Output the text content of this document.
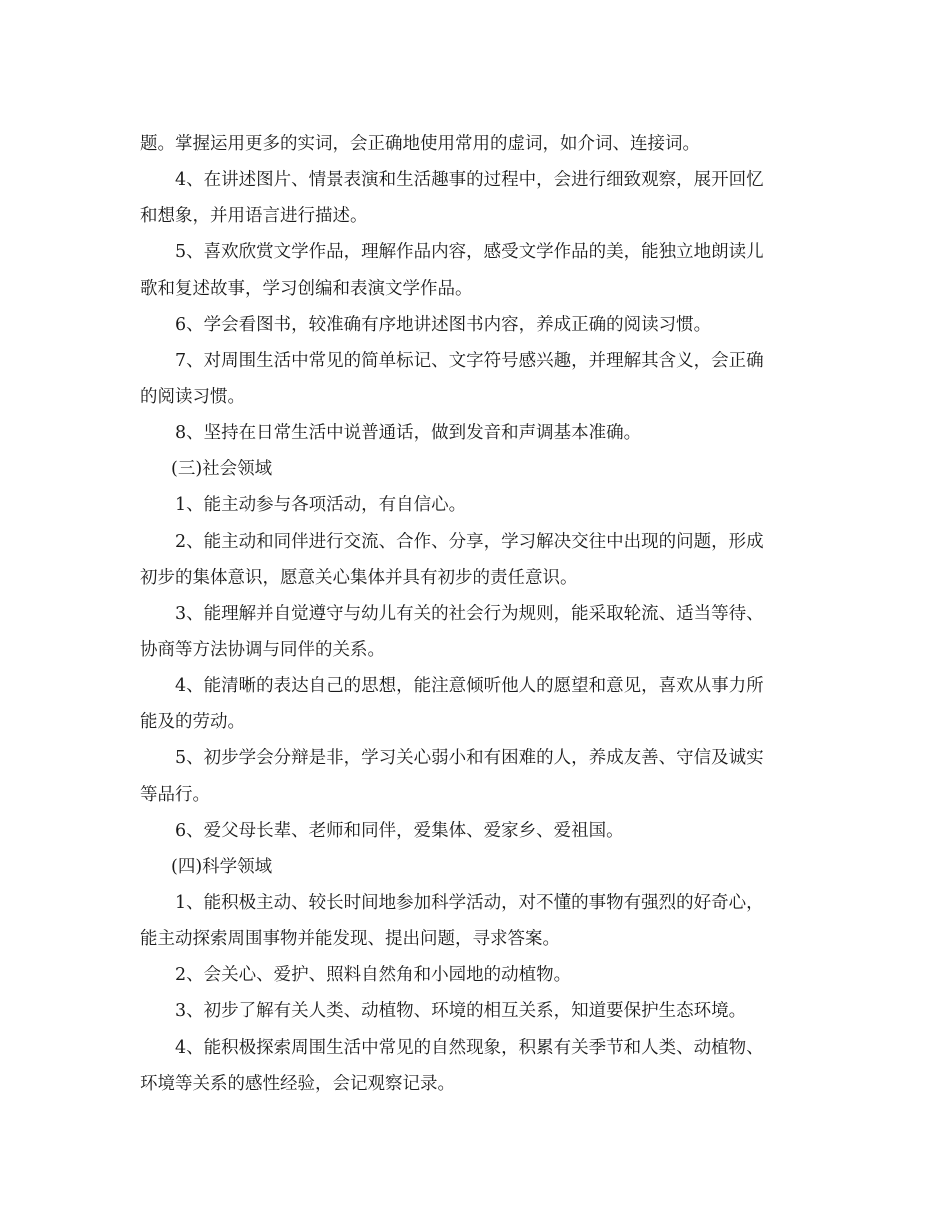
题。掌握运用更多的实词，会正确地使用常用的虚词，如介词、连接词。
4、在讲述图片、情景表演和生活趣事的过程中，会进行细致观察，展开回忆
和想象，并用语言进行描述。
5、喜欢欣赏文学作品，理解作品内容，感受文学作品的美，能独立地朗读儿
歌和复述故事，学习创编和表演文学作品。
6、学会看图书，较准确有序地讲述图书内容，养成正确的阅读习惯。
7、对周围生活中常见的简单标记、文字符号感兴趣，并理解其含义，会正确
的阅读习惯。
8、坚持在日常生活中说普通话，做到发音和声调基本准确。
(三)社会领域
1、能主动参与各项活动，有自信心。
2、能主动和同伴进行交流、合作、分享，学习解决交往中出现的问题，形成
初步的集体意识，愿意关心集体并具有初步的责任意识。
3、能理解并自觉遵守与幼儿有关的社会行为规则，能采取轮流、适当等待、
协商等方法协调与同伴的关系。
4、能清晰的表达自己的思想，能注意倾听他人的愿望和意见，喜欢从事力所
能及的劳动。
5、初步学会分辩是非，学习关心弱小和有困难的人，养成友善、守信及诚实
等品行。
6、爱父母长辈、老师和同伴，爱集体、爱家乡、爱祖国。
(四)科学领域
1、能积极主动、较长时间地参加科学活动，对不懂的事物有强烈的好奇心，
能主动探索周围事物并能发现、提出问题，寻求答案。
2、会关心、爱护、照料自然角和小园地的动植物。
3、初步了解有关人类、动植物、环境的相互关系，知道要保护生态环境。
4、能积极探索周围生活中常见的自然现象，积累有关季节和人类、动植物、
环境等关系的感性经验，会记观察记录。
